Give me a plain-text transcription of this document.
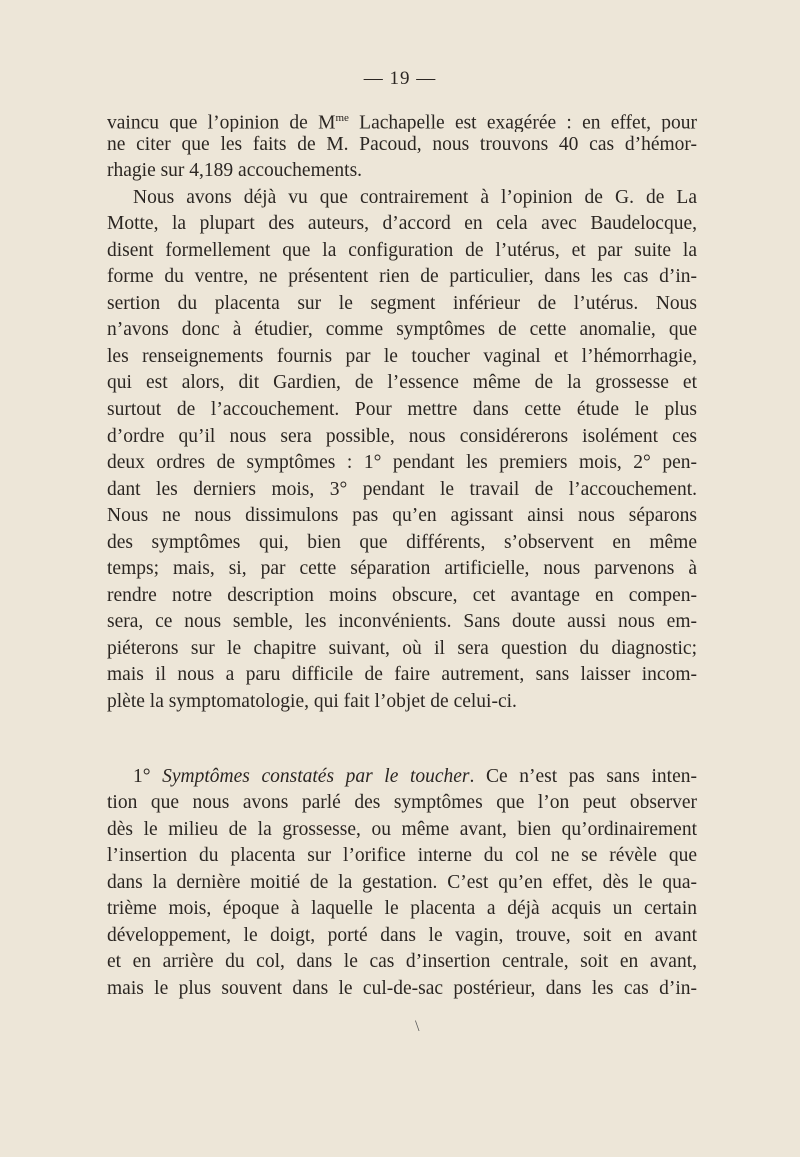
— 19 —
vaincu que l’opinion de $M^{me}$ Lachapelle est exagérée : en effet, pour
ne citer que les faits de M. Pacoud, nous trouvons 40 cas d’hémor-
rhagie sur 4,189 accouchements.
Nous avons déjà vu que contrairement à l’opinion de G. de La
Motte, la plupart des auteurs, d’accord en cela avec Baudelocque,
disent formellement que la configuration de l’utérus, et par suite la
forme du ventre, ne présentent rien de particulier, dans les cas d’in-
sertion du placenta sur le segment inférieur de l’utérus. Nous
n’avons donc à étudier, comme symptômes de cette anomalie, que
les renseignements fournis par le toucher vaginal et l’hémorrhagie,
qui est alors, dit Gardien, de l’essence même de la grossesse et
surtout de l’accouchement. Pour mettre dans cette étude le plus
d’ordre qu’il nous sera possible, nous considérerons isolément ces
deux ordres de symptômes : 1° pendant les premiers mois, 2° pen-
dant les derniers mois, 3° pendant le travail de l’accouchement.
Nous ne nous dissimulons pas qu’en agissant ainsi nous séparons
des symptômes qui, bien que différents, s’observent en même
temps; mais, si, par cette séparation artificielle, nous parvenons à
rendre notre description moins obscure, cet avantage en compen-
sera, ce nous semble, les inconvénients. Sans doute aussi nous em-
piéterons sur le chapitre suivant, où il sera question du diagnostic;
mais il nous a paru difficile de faire autrement, sans laisser incom-
plète la symptomatologie, qui fait l’objet de celui-ci.
1° Symptômes constatés par le toucher. Ce n’est pas sans inten-
tion que nous avons parlé des symptômes que l’on peut observer
dès le milieu de la grossesse, ou même avant, bien qu’ordinairement
l’insertion du placenta sur l’orifice interne du col ne se révèle que
dans la dernière moitié de la gestation. C’est qu’en effet, dès le qua-
trième mois, époque à laquelle le placenta a déjà acquis un certain
développement, le doigt, porté dans le vagin, trouve, soit en avant
et en arrière du col, dans le cas d’insertion centrale, soit en avant,
mais le plus souvent dans le cul-de-sac postérieur, dans les cas d’in-
\
